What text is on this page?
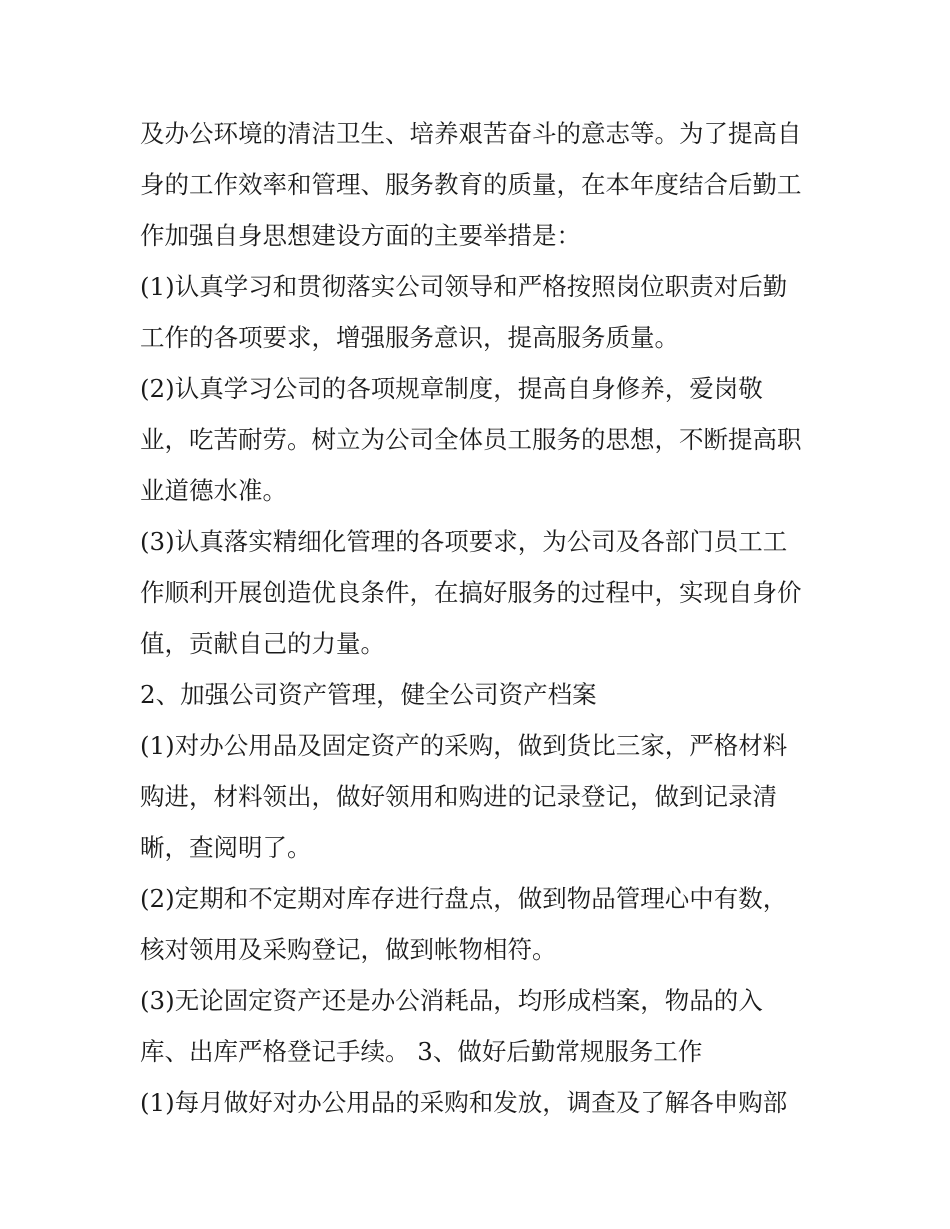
及办公环境的清洁卫生、培养艰苦奋斗的意志等。为了提高自
身的工作效率和管理、服务教育的质量，在本年度结合后勤工
作加强自身思想建设方面的主要举措是：
(1)认真学习和贯彻落实公司领导和严格按照岗位职责对后勤
工作的各项要求，增强服务意识，提高服务质量。
(2)认真学习公司的各项规章制度，提高自身修养，爱岗敬
业，吃苦耐劳。树立为公司全体员工服务的思想，不断提高职
业道德水准。
(3)认真落实精细化管理的各项要求，为公司及各部门员工工
作顺利开展创造优良条件，在搞好服务的过程中，实现自身价
值，贡献自己的力量。
2、加强公司资产管理，健全公司资产档案
(1)对办公用品及固定资产的采购，做到货比三家，严格材料
购进，材料领出，做好领用和购进的记录登记，做到记录清
晰，查阅明了。
(2)定期和不定期对库存进行盘点，做到物品管理心中有数，
核对领用及采购登记，做到帐物相符。
(3)无论固定资产还是办公消耗品，均形成档案，物品的入
库、出库严格登记手续。 3、做好后勤常规服务工作
(1)每月做好对办公用品的采购和发放，调查及了解各申购部
